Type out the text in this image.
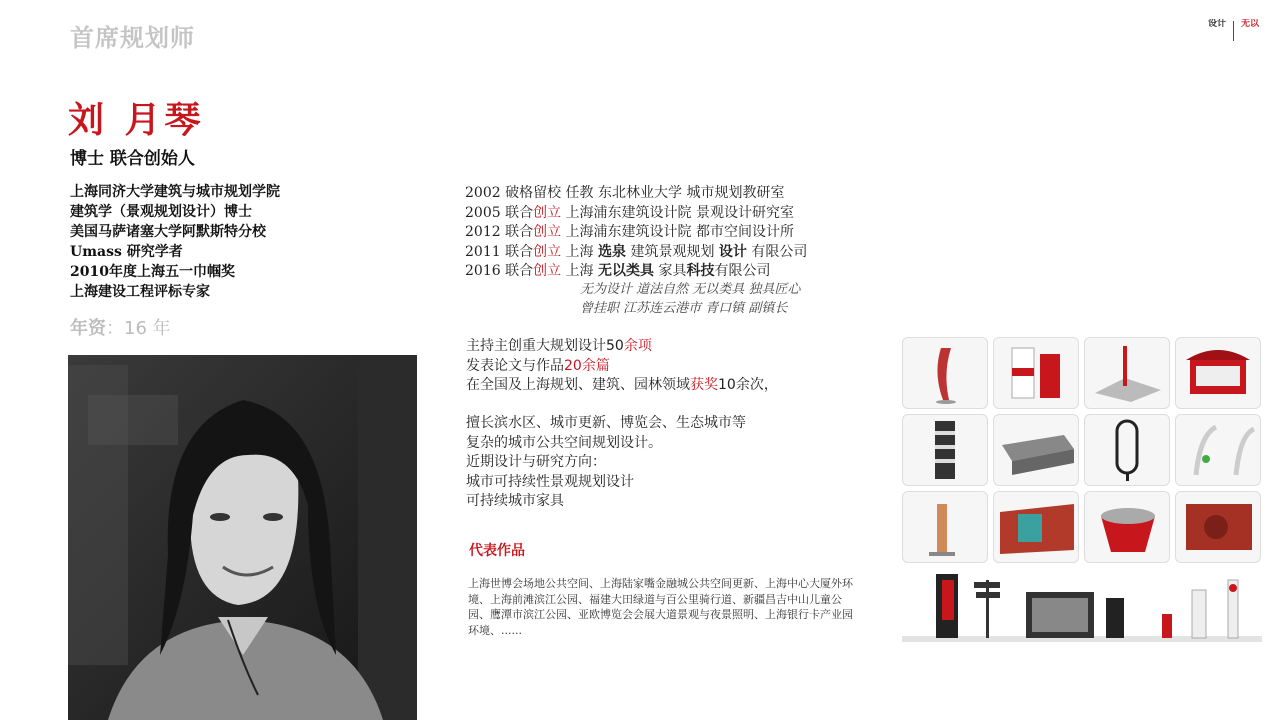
首席规划师	设计	无以
刘 月琴
博士 联合创始人
上海同济大学建筑与城市规划学院
建筑学（景观规划设计）博士
美国马萨诸塞大学阿默斯特分校
Umass 研究学者
2010年度上海五一巾帼奖
上海建设工程评标专家
年资：16 年
2002 破格留校 任教 东北林业大学 城市规划教研室
2005 联合创立 上海浦东建筑设计院 景观设计研究室
2012 联合创立 上海浦东建筑设计院 都市空间设计所
2011 联合创立 上海 选泉 建筑景观规划 设计 有限公司
2016 联合创立 上海 无以类具 家具科技有限公司
无为设计 道法自然 无以类具 独具匠心
曾挂职 江苏连云港市 青口镇 副镇长
主持主创重大规划设计50余项
发表论文与作品20余篇
在全国及上海规划、建筑、园林领域获奖10余次，
擅长滨水区、城市更新、博览会、生态城市等
复杂的城市公共空间规划设计。
近期设计与研究方向：
城市可持续性景观规划设计
可持续城市家具
代表作品
上海世博会场地公共空间、上海陆家嘴金融城公共空间更新、上海中心大厦外环境、上海前滩滨江公园、福建大田绿道与百公里骑行道、新疆昌吉中山儿童公园、鹰潭市滨江公园、亚欧博览会会展大道景观与夜景照明、上海银行卡产业园环境、......
